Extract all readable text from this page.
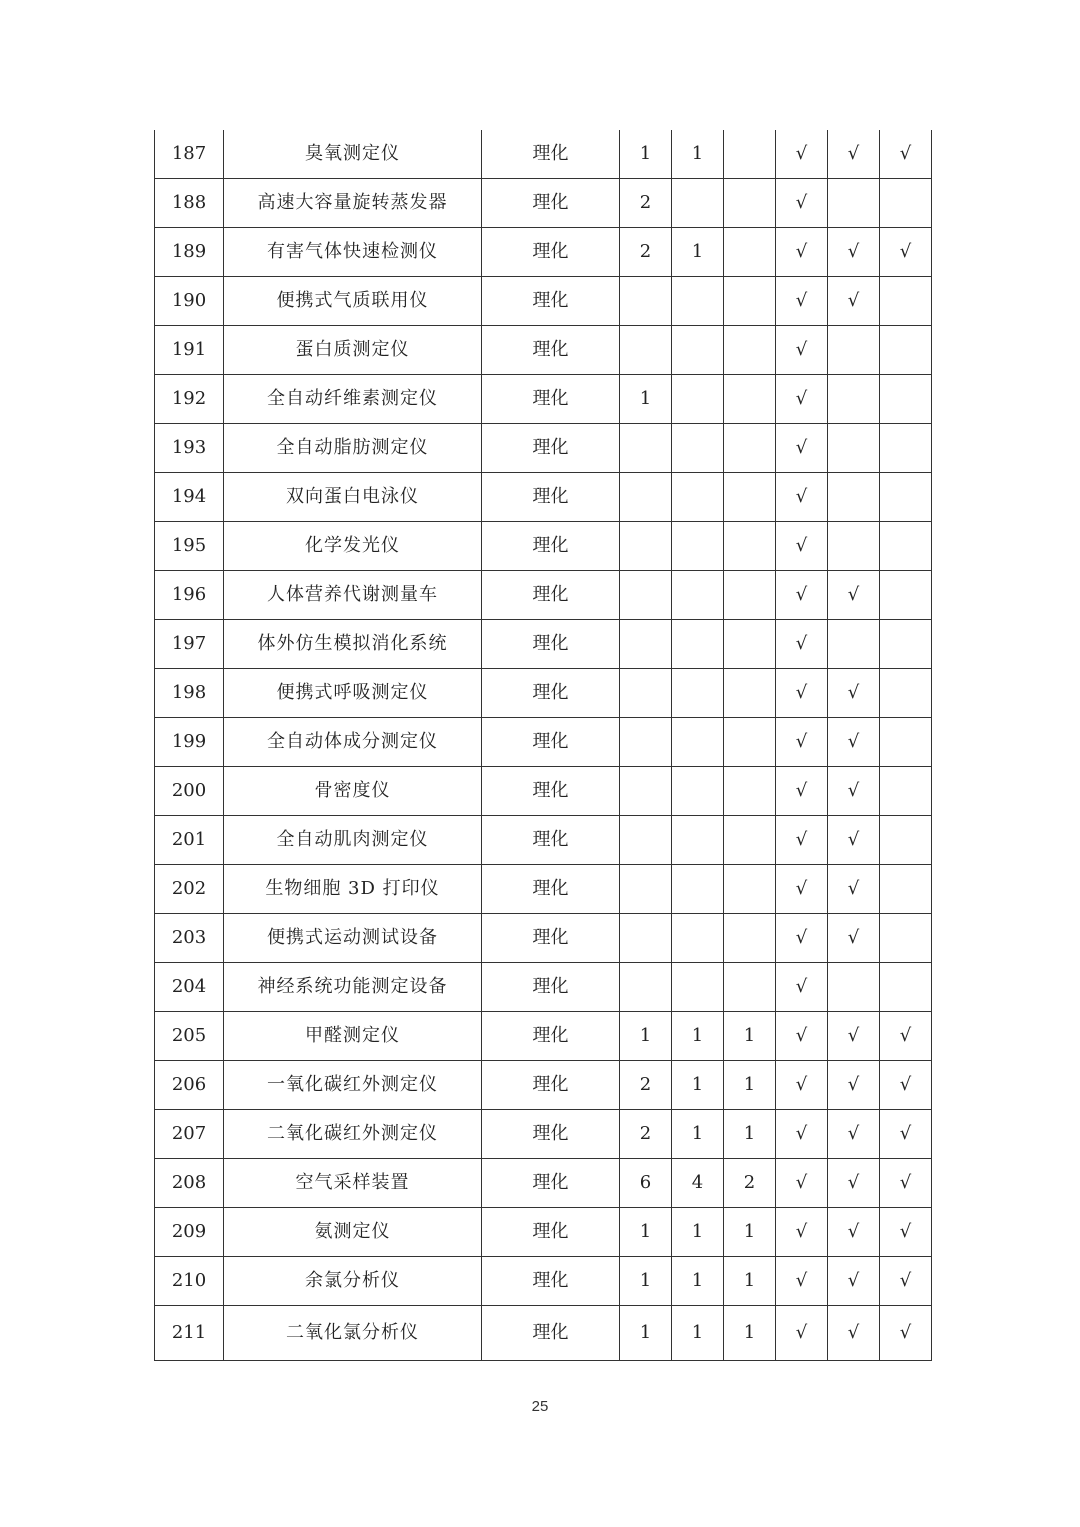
187	臭氧测定仪	理化	1	1		√	√	√
188	高速大容量旋转蒸发器	理化	2			√		
189	有害气体快速检测仪	理化	2	1		√	√	√
190	便携式气质联用仪	理化				√	√	
191	蛋白质测定仪	理化				√		
192	全自动纤维素测定仪	理化	1			√		
193	全自动脂肪测定仪	理化				√		
194	双向蛋白电泳仪	理化				√		
195	化学发光仪	理化				√		
196	人体营养代谢测量车	理化				√	√	
197	体外仿生模拟消化系统	理化				√		
198	便携式呼吸测定仪	理化				√	√	
199	全自动体成分测定仪	理化				√	√	
200	骨密度仪	理化				√	√	
201	全自动肌肉测定仪	理化				√	√	
202	生物细胞 3D 打印仪	理化				√	√	
203	便携式运动测试设备	理化				√	√	
204	神经系统功能测定设备	理化				√		
205	甲醛测定仪	理化	1	1	1	√	√	√
206	一氧化碳红外测定仪	理化	2	1	1	√	√	√
207	二氧化碳红外测定仪	理化	2	1	1	√	√	√
208	空气采样装置	理化	6	4	2	√	√	√
209	氨测定仪	理化	1	1	1	√	√	√
210	余氯分析仪	理化	1	1	1	√	√	√
211	二氧化氯分析仪	理化	1	1	1	√	√	√
25
